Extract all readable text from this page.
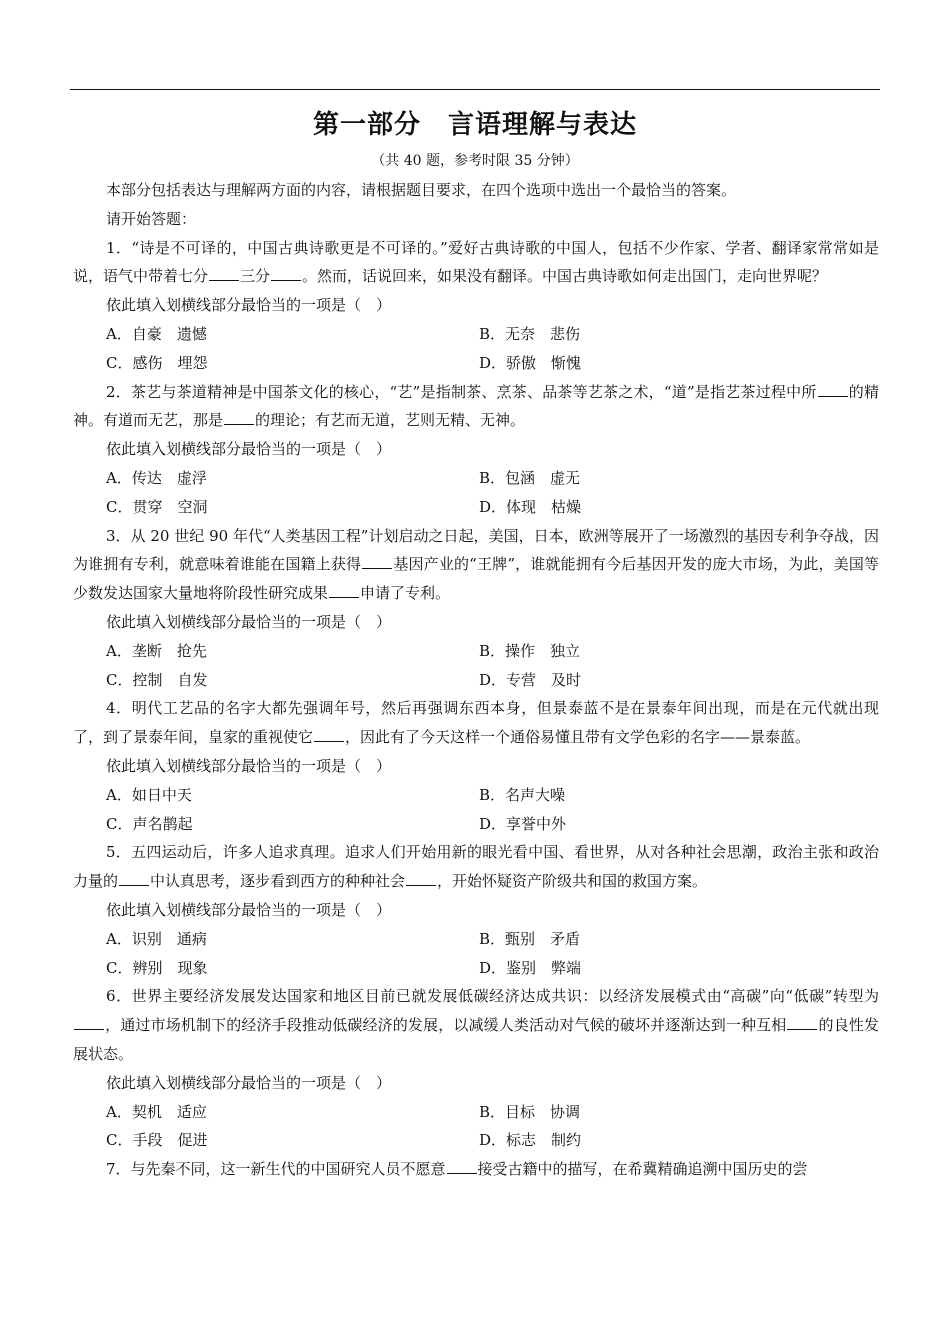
第一部分　言语理解与表达
（共 40 题，参考时限 35 分钟）

本部分包括表达与理解两方面的内容，请根据题目要求，在四个选项中选出一个最恰当的答案。

请开始答题：

1．“诗是不可译的，中国古典诗歌更是不可译的。”爱好古典诗歌的中国人，包括不少作家、学者、翻译家常常如是说，语气中带着七分 三分 。然而，话说回来，如果没有翻译。中国古典诗歌如何走出国门，走向世界呢？

依此填入划横线部分最恰当的一项是（　）

A．自豪　遗憾	B．无奈　悲伤
C．感伤　埋怨	D．骄傲　惭愧

2．茶艺与茶道精神是中国茶文化的核心，“艺”是指制茶、烹茶、品茶等艺茶之术，“道”是指艺茶过程中所 的精神。有道而无艺，那是 的理论；有艺而无道，艺则无精、无神。

依此填入划横线部分最恰当的一项是（　）

A．传达　虚浮	B．包涵　虚无
C．贯穿　空洞	D．体现　枯燥

3．从 20 世纪 90 年代“人类基因工程”计划启动之日起，美国，日本，欧洲等展开了一场激烈的基因专利争夺战，因为谁拥有专利，就意味着谁能在国籍上获得 基因产业的“王牌”，谁就能拥有今后基因开发的庞大市场，为此，美国等少数发达国家大量地将阶段性研究成果 申请了专利。

依此填入划横线部分最恰当的一项是（　）

A．垄断　抢先	B．操作　独立
C．控制　自发	D．专营　及时

4．明代工艺品的名字大都先强调年号，然后再强调东西本身，但景泰蓝不是在景泰年间出现，而是在元代就出现了，到了景泰年间，皇家的重视使它 ，因此有了今天这样一个通俗易懂且带有文学色彩的名字——景泰蓝。

依此填入划横线部分最恰当的一项是（　）

A．如日中天	B．名声大噪
C．声名鹊起	D．享誉中外

5．五四运动后，许多人追求真理。追求人们开始用新的眼光看中国、看世界，从对各种社会思潮，政治主张和政治力量的 中认真思考，逐步看到西方的种种社会 ，开始怀疑资产阶级共和国的救国方案。

依此填入划横线部分最恰当的一项是（　）

A．识别　通病	B．甄别　矛盾
C．辨别　现象	D．鉴别　弊端

6．世界主要经济发展发达国家和地区目前已就发展低碳经济达成共识：以经济发展模式由“高碳”向“低碳”转型为，通过市场机制下的经济手段推动低碳经济的发展，以减缓人类活动对气候的破坏并逐渐达到一种互相 的良性发展状态。

依此填入划横线部分最恰当的一项是（　）

A．契机　适应	B．目标　协调
C．手段　促进	D．标志　制约

7．与先秦不同，这一新生代的中国研究人员不愿意 接受古籍中的描写，在希冀精确追溯中国历史的尝
